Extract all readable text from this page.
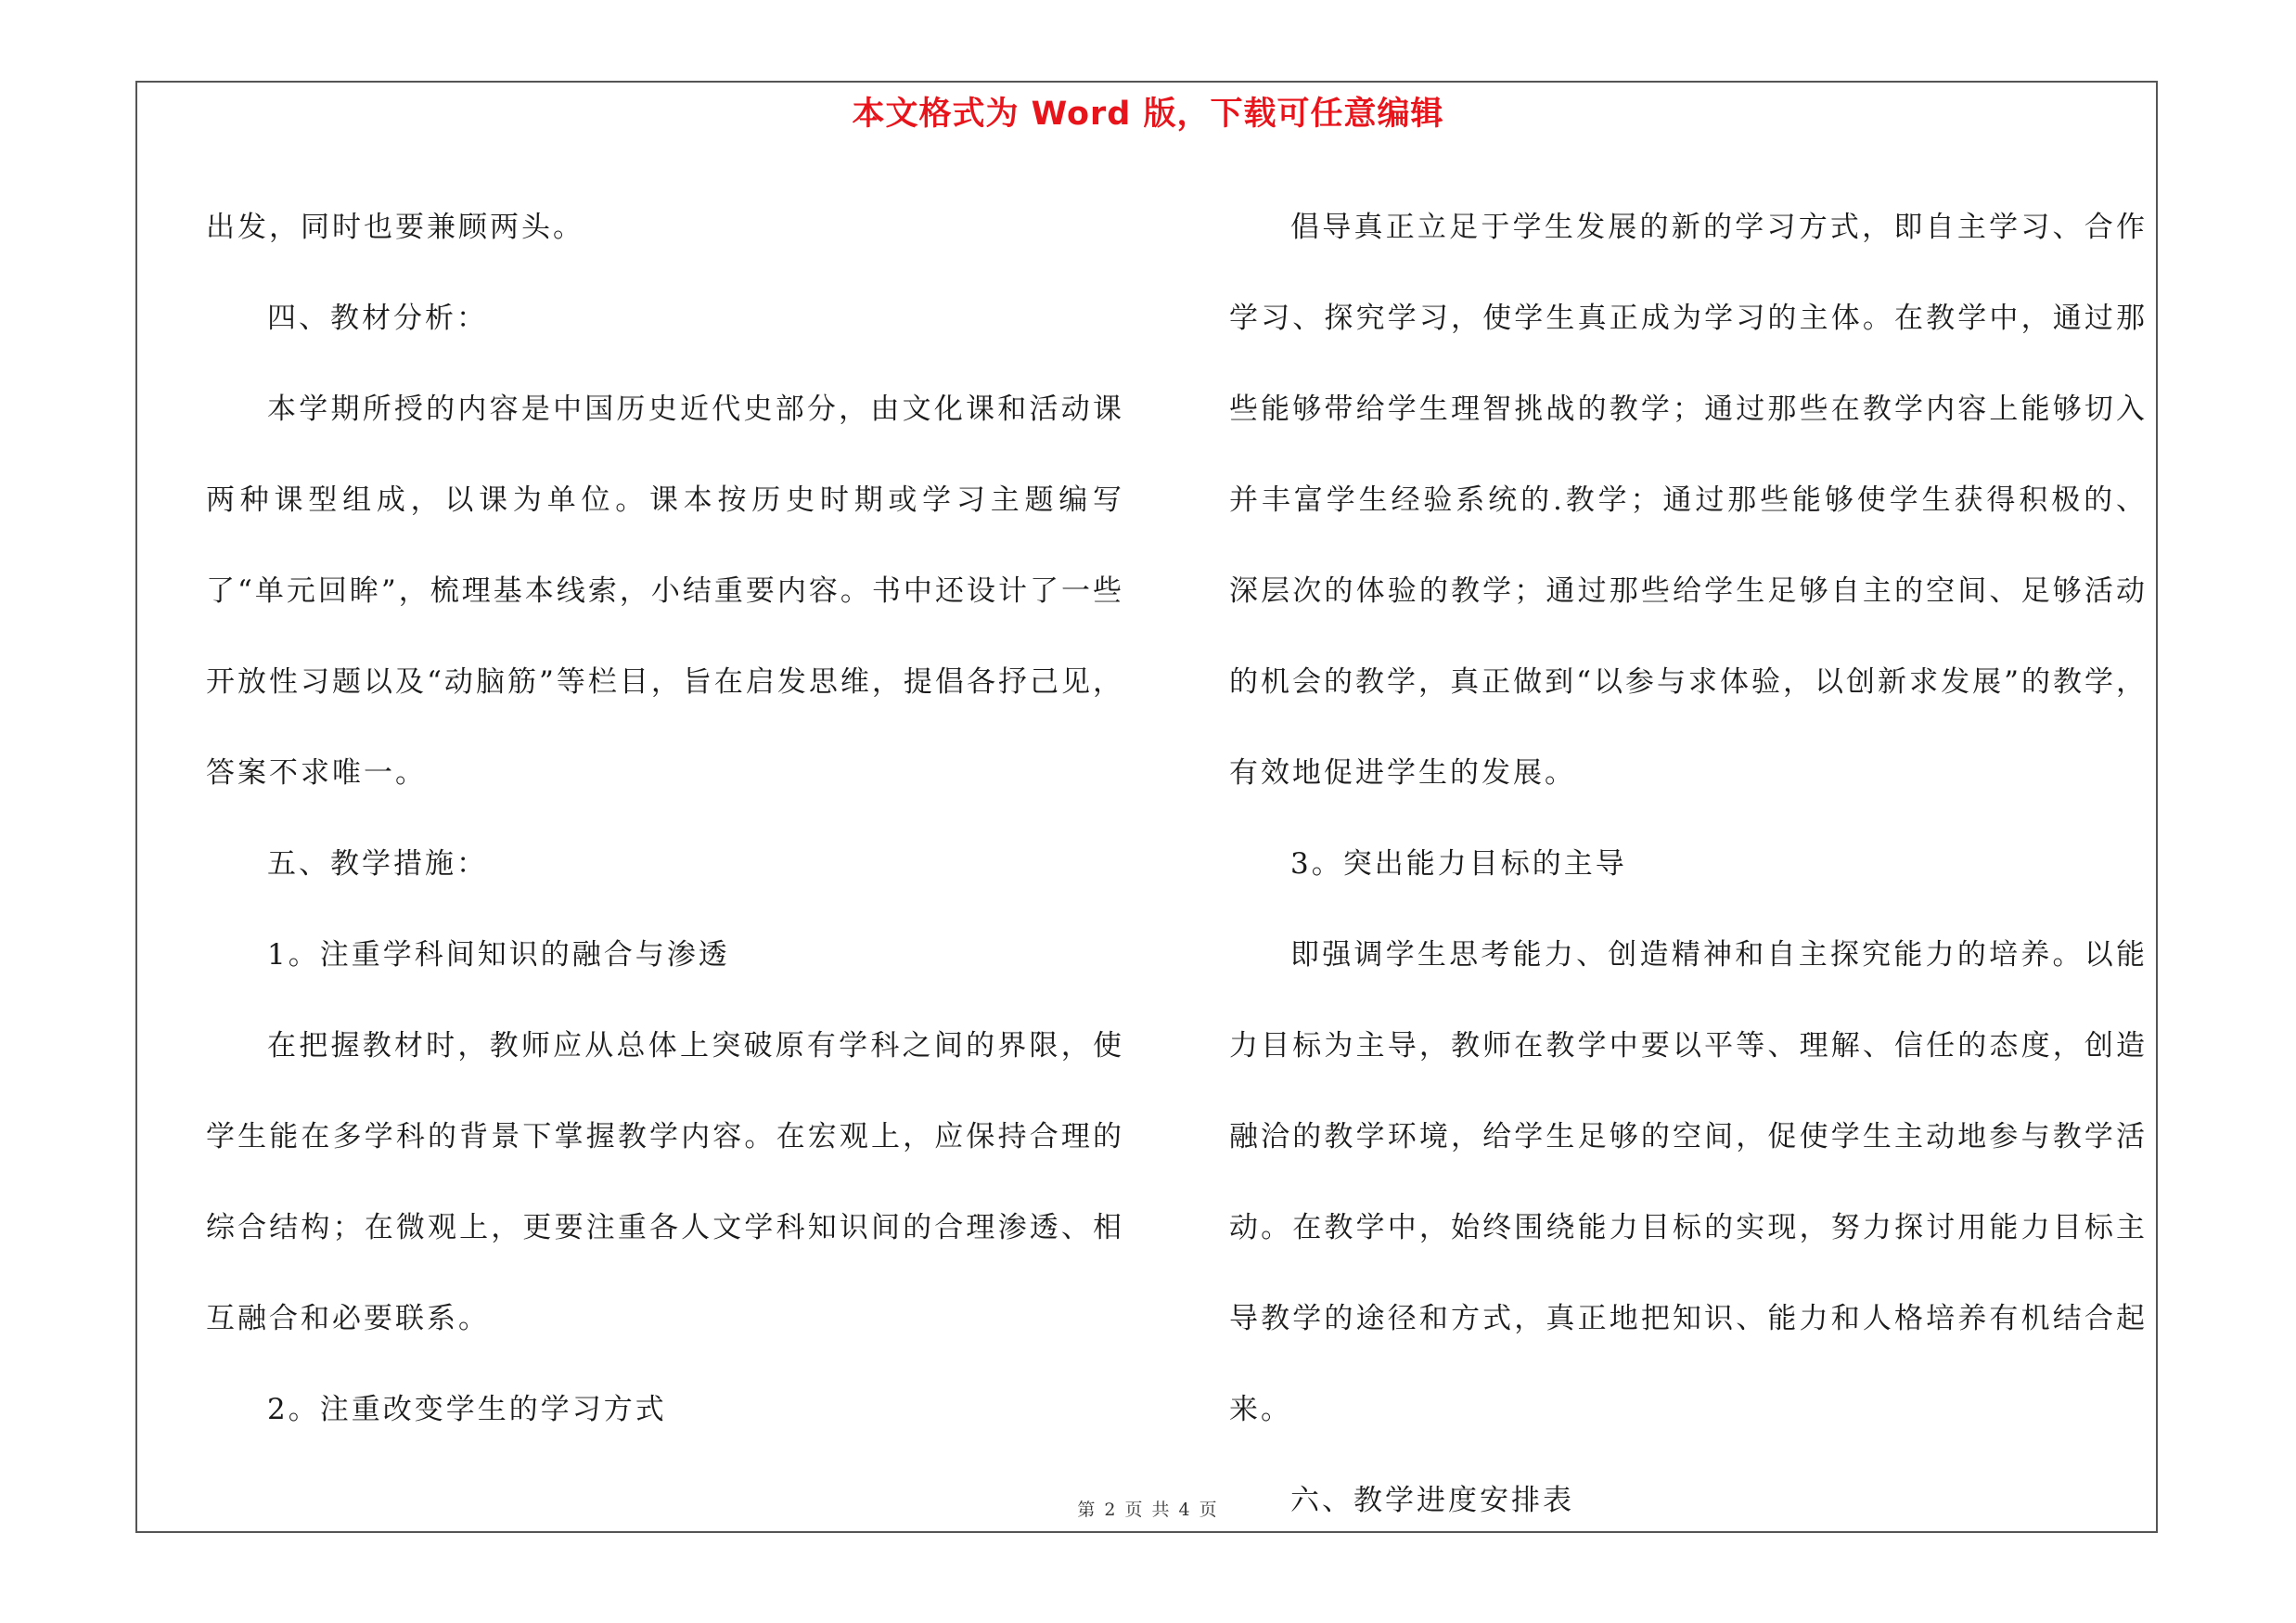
本文格式为 Word 版，下载可任意编辑

出发，同时也要兼顾两头。

四、教材分析：

本学期所授的内容是中国历史近代史部分，由文化课和活动课两种课型组成，以课为单位。课本按历史时期或学习主题编写了“单元回眸”，梳理基本线索，小结重要内容。书中还设计了一些开放性习题以及“动脑筋”等栏目，旨在启发思维，提倡各抒己见，答案不求唯一。

五、教学措施：

1。注重学科间知识的融合与渗透

在把握教材时，教师应从总体上突破原有学科之间的界限，使学生能在多学科的背景下掌握教学内容。在宏观上，应保持合理的综合结构；在微观上，更要注重各人文学科知识间的合理渗透、相互融合和必要联系。

2。注重改变学生的学习方式

倡导真正立足于学生发展的新的学习方式，即自主学习、合作学习、探究学习，使学生真正成为学习的主体。在教学中，通过那些能够带给学生理智挑战的教学；通过那些在教学内容上能够切入并丰富学生经验系统的.教学；通过那些能够使学生获得积极的、深层次的体验的教学；通过那些给学生足够自主的空间、足够活动的机会的教学，真正做到“以参与求体验，以创新求发展”的教学，有效地促进学生的发展。

3。突出能力目标的主导

即强调学生思考能力、创造精神和自主探究能力的培养。以能力目标为主导，教师在教学中要以平等、理解、信任的态度，创造融洽的教学环境，给学生足够的空间，促使学生主动地参与教学活动。在教学中，始终围绕能力目标的实现，努力探讨用能力目标主导教学的途径和方式，真正地把知识、能力和人格培养有机结合起来。

六、教学进度安排表

第 2 页 共 4 页
